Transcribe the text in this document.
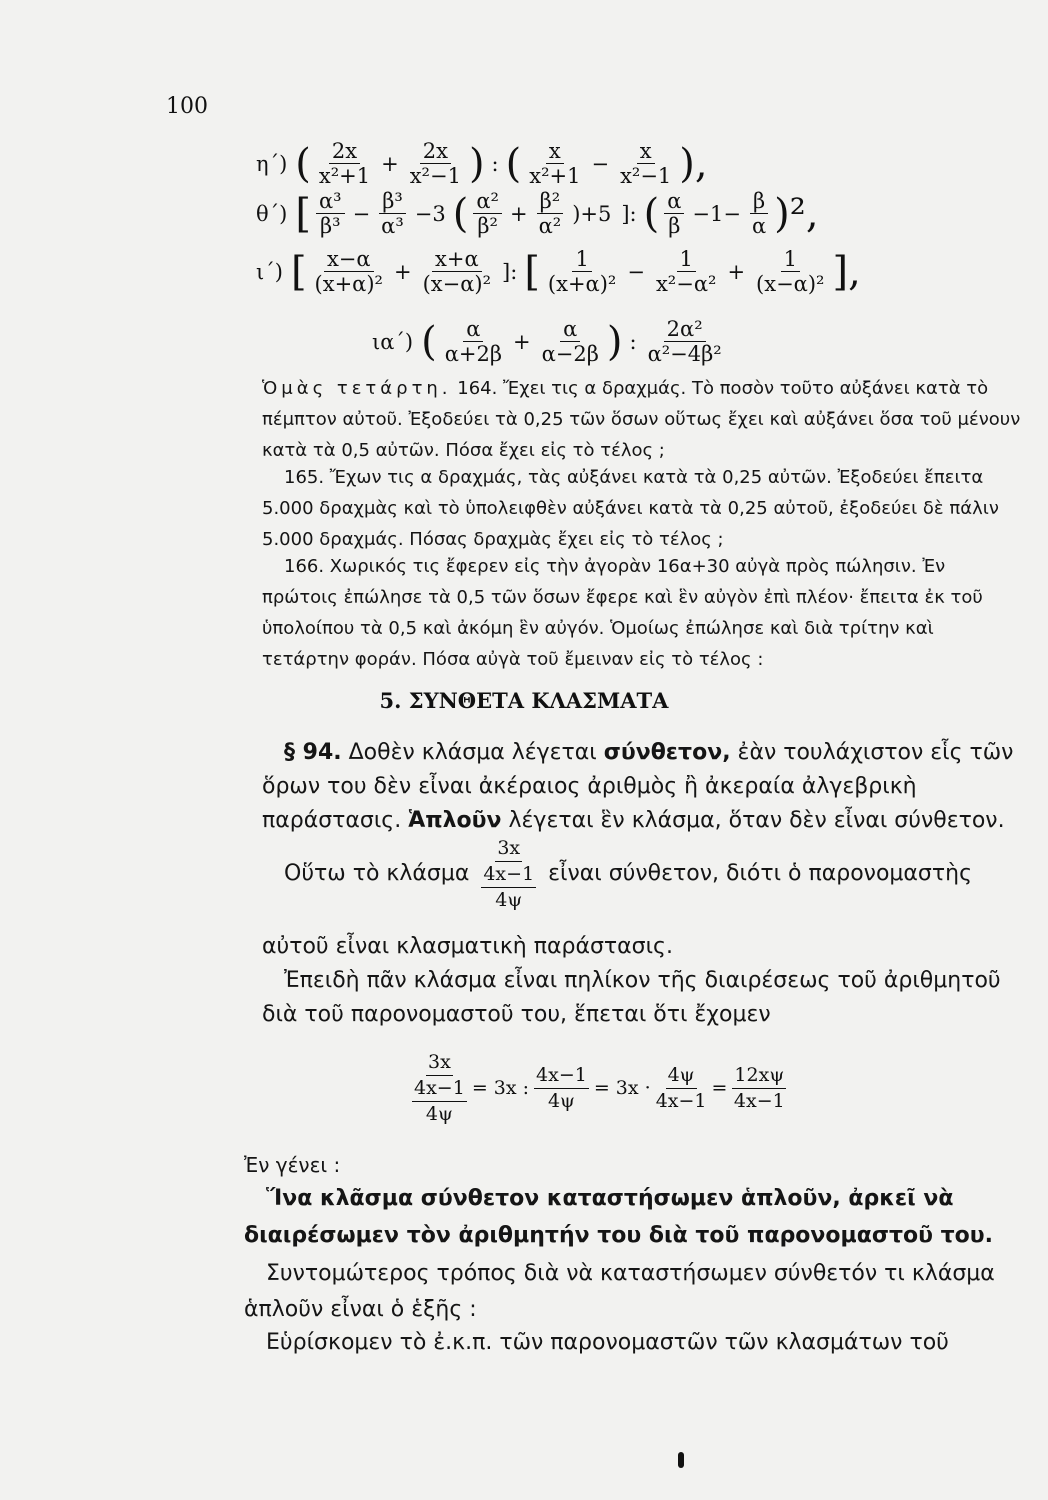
100
η΄) ( $\frac{2x}{\text{x²+1}} + \frac{2x}{\text{x²−1}}$ ) : ( $\frac{x}{\text{x²+1}} - \frac{x}{\text{x²−1}}$ ),
θ΄) [ $\frac{\text{α³}}{\text{β³}} - \frac{\text{β³}}{\text{α³}} -3$ ( $\frac{\text{α²}}{\text{β²}} + \frac{\text{β²}}{\text{α²}} )+5$ ]: ( $\frac{\alpha}{\beta} -1- \frac{\beta}{\alpha} )^2$,
ι΄) [ $\frac{x-\alpha}{\text{(x+α)²}} + \frac{x+\alpha}{\text{(x−α)²}}$ ]: [ $\frac{1}{\text{(x+α)²}} - \frac{1}{\text{x²−α²}} + \frac{1}{\text{(x−α)²}}$ ],
ια΄) ( $\frac{\alpha}{\alpha+2\beta} + \frac{\alpha}{\alpha-2\beta}$ ) : $\frac{\text{2α²}}{\text{α²−4β²}}$
Ὁμὰς τετάρτη. 164. Ἔχει τις α δραχμάς. Τὸ ποσὸν τοῦτο αὐξάνει κατὰ τὸ πέμπτον αὐτοῦ. Ἐξοδεύει τὰ 0,25 τῶν ὅσων οὕτως ἔχει καὶ αὐξάνει ὅσα τοῦ μένουν κατὰ τὰ 0,5 αὐτῶν. Πόσα ἔχει εἰς τὸ τέλος ;
165. Ἔχων τις α δραχμάς, τὰς αὐξάνει κατὰ τὰ 0,25 αὐτῶν. Ἐξοδεύει ἔπειτα 5.000 δραχμὰς καὶ τὸ ὑπολειφθὲν αὐξάνει κατὰ τὰ 0,25 αὐτοῦ, ἐξοδεύει δὲ πάλιν 5.000 δραχμάς. Πόσας δραχμὰς ἔχει εἰς τὸ τέλος ;
166. Χωρικός τις ἔφερεν εἰς τὴν ἀγορὰν 16α+30 αὐγὰ πρὸς πώλησιν. Ἐν πρώτοις ἐπώλησε τὰ 0,5 τῶν ὅσων ἔφερε καὶ ἓν αὐγὸν ἐπὶ πλέον· ἔπειτα ἐκ τοῦ ὑπολοίπου τὰ 0,5 καὶ ἀκόμη ἓν αὐγόν. Ὁμοίως ἐπώλησε καὶ διὰ τρίτην καὶ τετάρτην φοράν. Πόσα αὐγὰ τοῦ ἔμειναν εἰς τὸ τέλος :
5. ΣΥΝΘΕΤΑ ΚΛΑΣΜΑΤΑ
§ 94. Δοθὲν κλάσμα λέγεται σύνθετον, ἐὰν τουλάχιστον εἷς τῶν ὅρων του δὲν εἶναι ἀκέραιος ἀριθμὸς ἢ ἀκεραία ἀλγεβρικὴ παράστασις. Ἁπλοῦν λέγεται ἓν κλάσμα, ὅταν δὲν εἶναι σύνθετον.
Οὕτω τὸ κλάσμα $\frac{\frac{3x}{4x-1}}{4\psi}$ εἶναι σύνθετον, διότι ὁ παρονομαστὴς
αὐτοῦ εἶναι κλασματικὴ παράστασις.
Ἐπειδὴ πᾶν κλάσμα εἶναι πηλίκον τῆς διαιρέσεως τοῦ ἀριθμητοῦ διὰ τοῦ παρονομαστοῦ του, ἕπεται ὅτι ἔχομεν
$\frac{\frac{3x}{4x-1}}{4\psi} = 3x$ : $\frac{4x-1}{4\psi} = 3x \cdot \frac{4\psi}{4x-1} = \frac{12x\psi}{4x-1}$
Ἐν γένει :
Ἵνα κλᾶσμα σύνθετον καταστήσωμεν ἁπλοῦν, ἀρκεῖ νὰ διαιρέσωμεν τὸν ἀριθμητήν του διὰ τοῦ παρονομαστοῦ του.
Συντομώτερος τρόπος διὰ νὰ καταστήσωμεν σύνθετόν τι κλάσμα ἁπλοῦν εἶναι ὁ ἑξῆς :
Εὑρίσκομεν τὸ ἐ.κ.π. τῶν παρονομαστῶν τῶν κλασμάτων τοῦ
